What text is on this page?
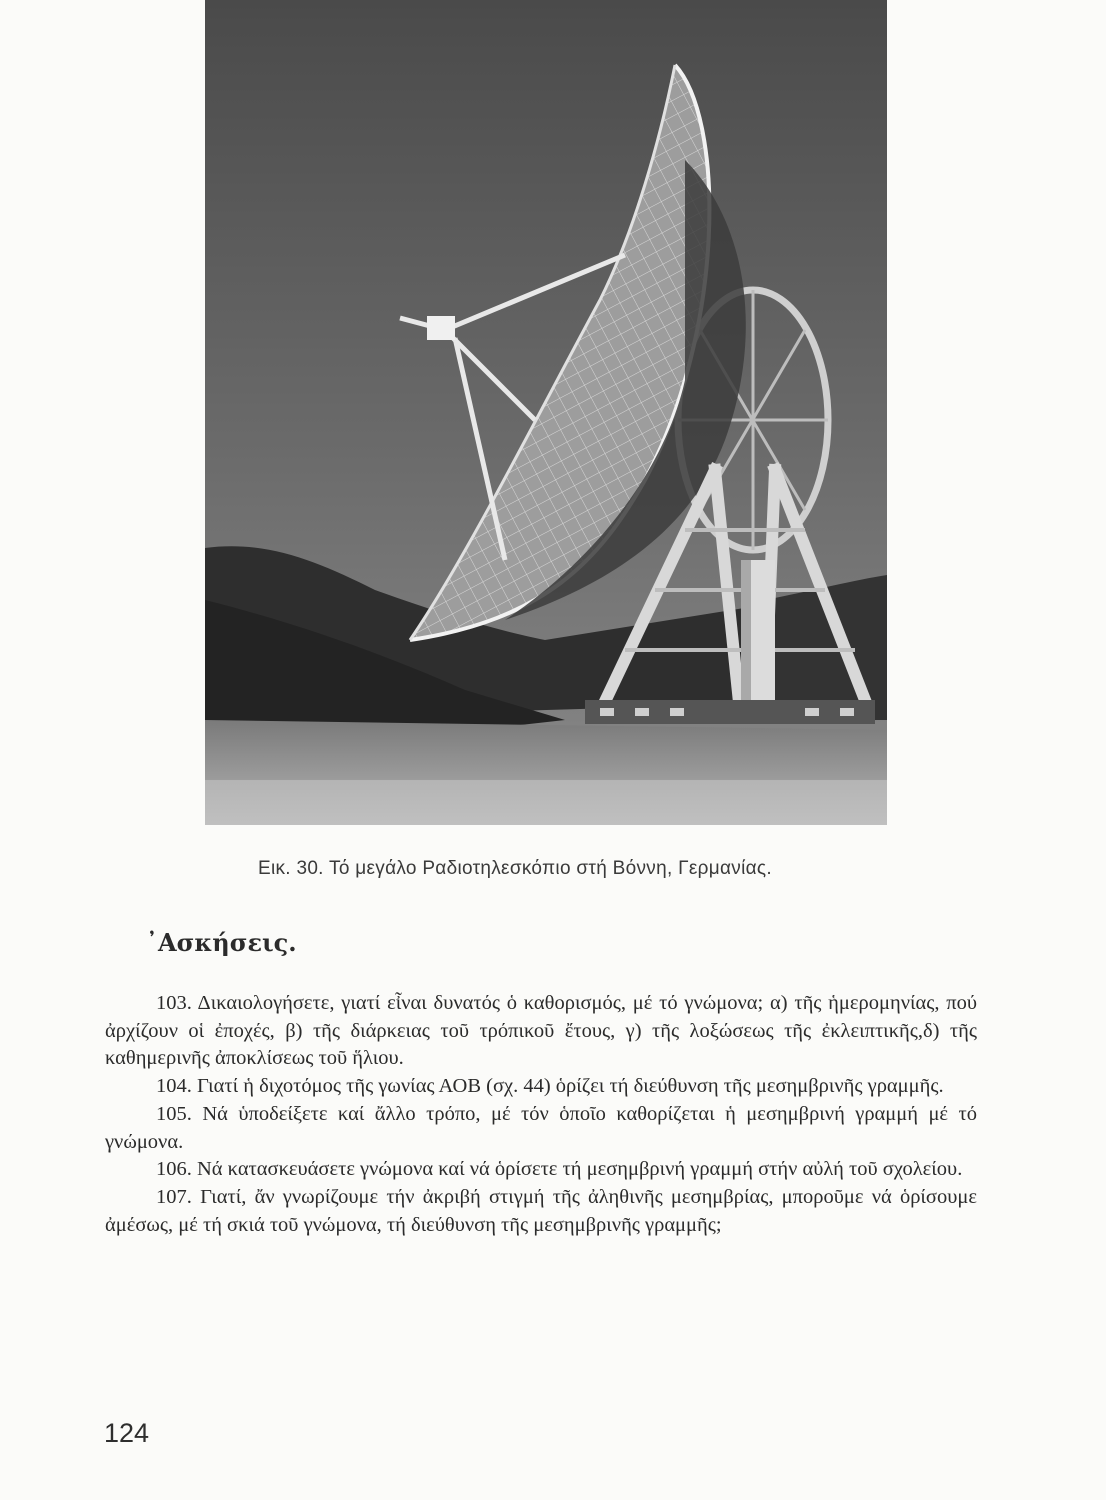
Εικ. 30. Τό μεγάλο Ραδιοτηλεσκόπιο στή Βόννη, Γερμανίας.
᾿Ασκήσεις.

103. Δικαιολογήσετε, γιατί εἶναι δυνατός ὁ καθορισμός, μέ τό γνώμονα; α) τῆς ἡμερομηνίας, πού ἀρχίζουν οἱ ἐποχές, β) τῆς διάρκειας τοῦ τρόπικοῦ ἔτους, γ) τῆς λοξώσεως τῆς ἐκλειπτικῆς,δ) τῆς καθημερινῆς ἀποκλίσεως τοῦ ἥλιου.

104. Γιατί ἡ διχοτόμος τῆς γωνίας ΑΟΒ (σχ. 44) ὁρίζει τή διεύθυνση τῆς μεσημβρινῆς γραμμῆς.

105. Νά ὑποδείξετε καί ἄλλο τρόπο, μέ τόν ὁποῖο καθορίζεται ἡ μεσημβρινή γραμμή μέ τό γνώμονα.

106. Νά κατασκευάσετε γνώμονα καί νά ὁρίσετε τή μεσημβρινή γραμμή στήν αὐλή τοῦ σχολείου.

107. Γιατί, ἄν γνωρίζουμε τήν ἀκριβή στιγμή τῆς ἀληθινῆς μεσημβρίας, μπορoῦμε νά ὁρίσουμε ἀμέσως, μέ τή σκιά τοῦ γνώμονα, τή διεύθυνση τῆς μεσημβρινῆς γραμμῆς;

124
